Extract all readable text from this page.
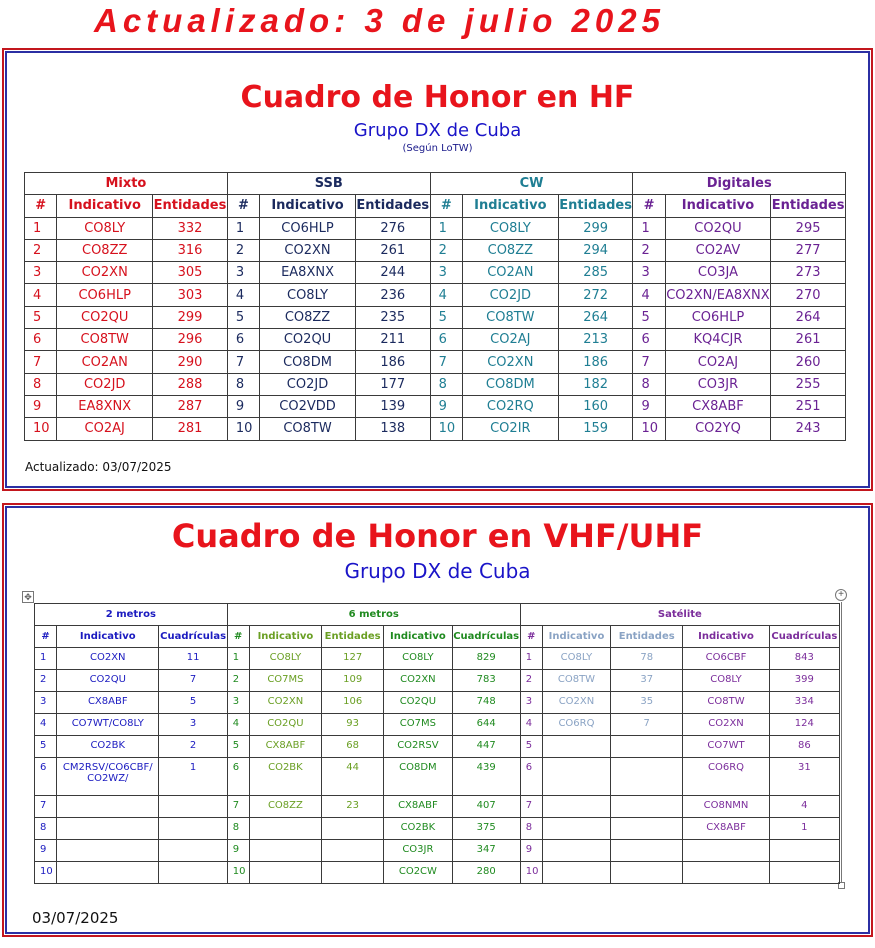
Actualizado: 3 de julio 2025
Cuadro de Honor en HF
Grupo DX de Cuba
(Según LoTW)
Mixto			SSB			CW			Digitales		
#	Indicativo	Entidades	#	Indicativo	Entidades	#	Indicativo	Entidades	#	Indicativo	Entidades
1	CO8LY	332	1	CO6HLP	276	1	CO8LY	299	1	CO2QU	295
2	CO8ZZ	316	2	CO2XN	261	2	CO8ZZ	294	2	CO2AV	277
3	CO2XN	305	3	EA8XNX	244	3	CO2AN	285	3	CO3JA	273
4	CO6HLP	303	4	CO8LY	236	4	CO2JD	272	4	CO2XN/EA8XNX	270
5	CO2QU	299	5	CO8ZZ	235	5	CO8TW	264	5	CO6HLP	264
6	CO8TW	296	6	CO2QU	211	6	CO2AJ	213	6	KQ4CJR	261
7	CO2AN	290	7	CO8DM	186	7	CO2XN	186	7	CO2AJ	260
8	CO2JD	288	8	CO2JD	177	8	CO8DM	182	8	CO3JR	255
9	EA8XNX	287	9	CO2VDD	139	9	CO2RQ	160	9	CX8ABF	251
10	CO2AJ	281	10	CO8TW	138	10	CO2IR	159	10	CO2YQ	243
Actualizado: 03/07/2025
Cuadro de Honor en VHF/UHF
Grupo DX de Cuba
✥	+
2 metros			6 metros					Satélite				
#	Indicativo	Cuadrículas	#	Indicativo	Entidades	Indicativo	Cuadrículas	#	Indicativo	Entidades	Indicativo	Cuadrículas
1	CO2XN	11	1	CO8LY	127	CO8LY	829	1	CO8LY	78	CO6CBF	843
2	CO2QU	7	2	CO7MS	109	CO2XN	783	2	CO8TW	37	CO8LY	399
3	CX8ABF	5	3	CO2XN	106	CO2QU	748	3	CO2XN	35	CO8TW	334
4	CO7WT/CO8LY	3	4	CO2QU	93	CO7MS	644	4	CO6RQ	7	CO2XN	124
5	CO2BK	2	5	CX8ABF	68	CO2RSV	447	5			CO7WT	86
6	CM2RSV/CO6CBF/
CO2WZ/	1	6	CO2BK	44	CO8DM	439	6			CO6RQ	31
7			7	CO8ZZ	23	CX8ABF	407	7			CO8NMN	4
8			8			CO2BK	375	8			CX8ABF	1
9			9			CO3JR	347	9				
10			10			CO2CW	280	10				
03/07/2025
